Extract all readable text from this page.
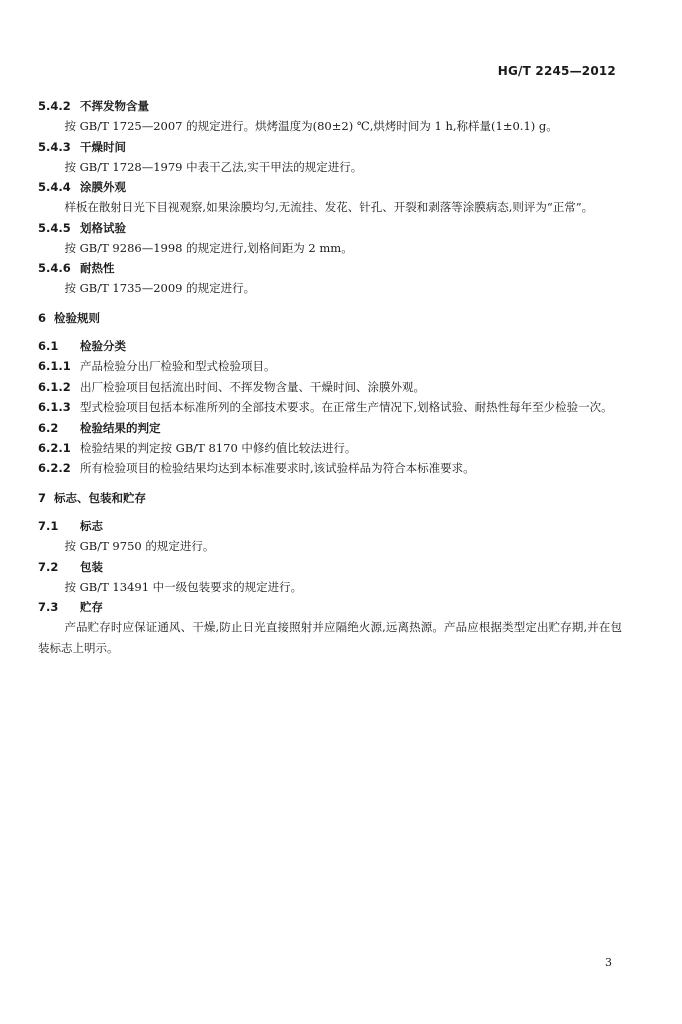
HG/T 2245—2012

5.4.2 不挥发物含量

按 GB/T 1725—2007 的规定进行。烘烤温度为(80±2) ℃,烘烤时间为 1 h,称样量(1±0.1) g。

5.4.3 干燥时间

按 GB/T 1728—1979 中表干乙法,实干甲法的规定进行。

5.4.4 涂膜外观

样板在散射日光下目视观察,如果涂膜均匀,无流挂、发花、针孔、开裂和剥落等涂膜病态,则评为“正常”。

5.4.5 划格试验

按 GB/T 9286—1998 的规定进行,划格间距为 2 mm。

5.4.6 耐热性

按 GB/T 1735—2009 的规定进行。

6 检验规则

6.1 检验分类

6.1.1 产品检验分出厂检验和型式检验项目。

6.1.2 出厂检验项目包括流出时间、不挥发物含量、干燥时间、涂膜外观。

6.1.3 型式检验项目包括本标准所列的全部技术要求。在正常生产情况下,划格试验、耐热性每年至少检验一次。

6.2 检验结果的判定

6.2.1 检验结果的判定按 GB/T 8170 中修约值比较法进行。

6.2.2 所有检验项目的检验结果均达到本标准要求时,该试验样品为符合本标准要求。

7 标志、包装和贮存

7.1 标志

按 GB/T 9750 的规定进行。

7.2 包装

按 GB/T 13491 中一级包装要求的规定进行。

7.3 贮存

产品贮存时应保证通风、干燥,防止日光直接照射并应隔绝火源,远离热源。产品应根据类型定出贮存期,并在包装标志上明示。

3
